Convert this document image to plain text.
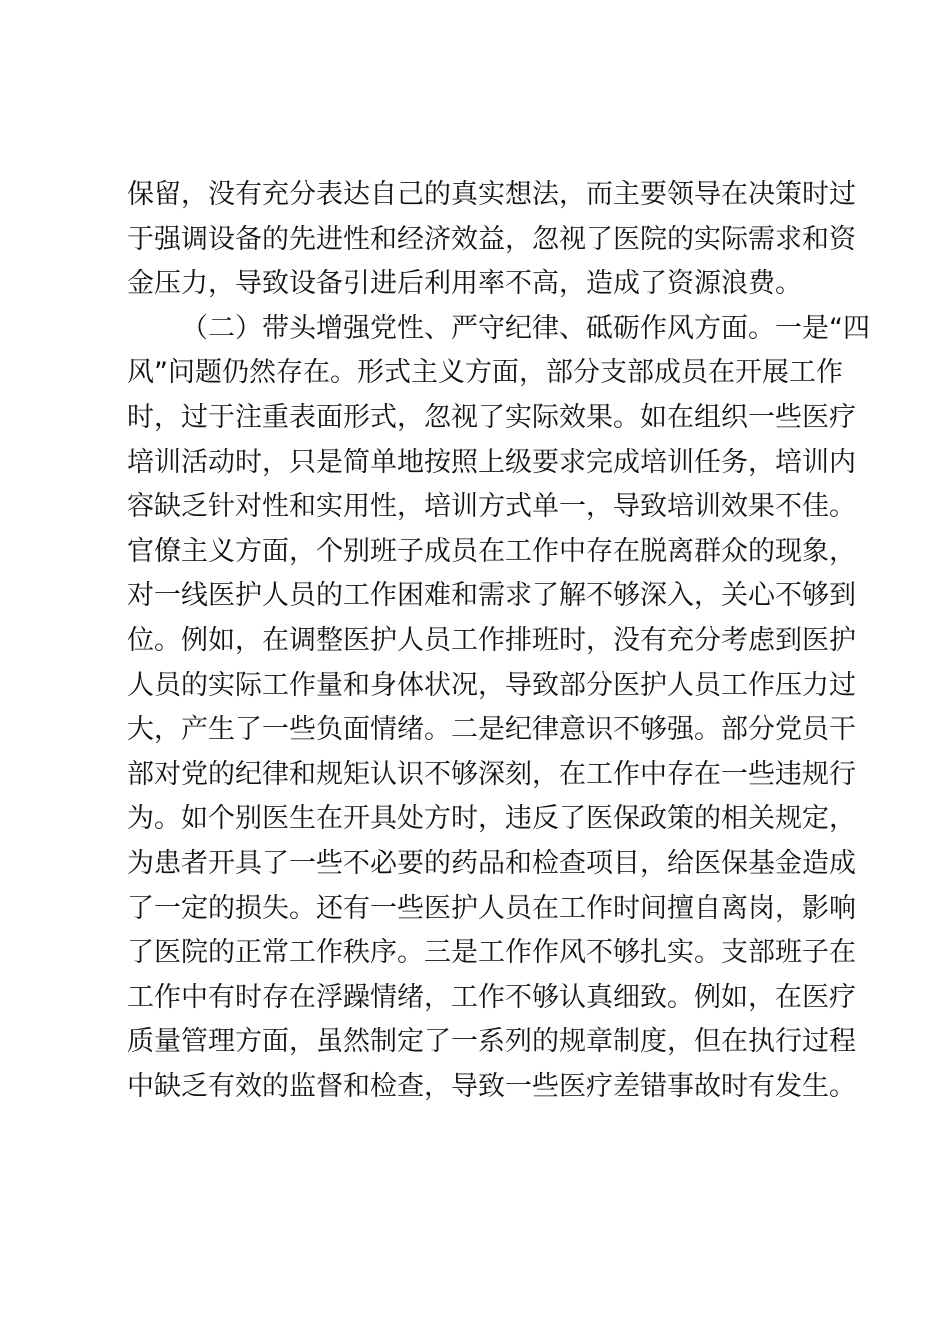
保留，没有充分表达自己的真实想法，而主要领导在决策时过
于强调设备的先进性和经济效益，忽视了医院的实际需求和资
金压力，导致设备引进后利用率不高，造成了资源浪费。
（二）带头增强党性、严守纪律、砥砺作风方面。一是“四
风”问题仍然存在。形式主义方面，部分支部成员在开展工作
时，过于注重表面形式，忽视了实际效果。如在组织一些医疗
培训活动时，只是简单地按照上级要求完成培训任务，培训内
容缺乏针对性和实用性，培训方式单一，导致培训效果不佳。
官僚主义方面，个别班子成员在工作中存在脱离群众的现象，
对一线医护人员的工作困难和需求了解不够深入，关心不够到
位。例如，在调整医护人员工作排班时，没有充分考虑到医护
人员的实际工作量和身体状况，导致部分医护人员工作压力过
大，产生了一些负面情绪。二是纪律意识不够强。部分党员干
部对党的纪律和规矩认识不够深刻，在工作中存在一些违规行
为。如个别医生在开具处方时，违反了医保政策的相关规定，
为患者开具了一些不必要的药品和检查项目，给医保基金造成
了一定的损失。还有一些医护人员在工作时间擅自离岗，影响
了医院的正常工作秩序。三是工作作风不够扎实。支部班子在
工作中有时存在浮躁情绪，工作不够认真细致。例如，在医疗
质量管理方面，虽然制定了一系列的规章制度，但在执行过程
中缺乏有效的监督和检查，导致一些医疗差错事故时有发生。
